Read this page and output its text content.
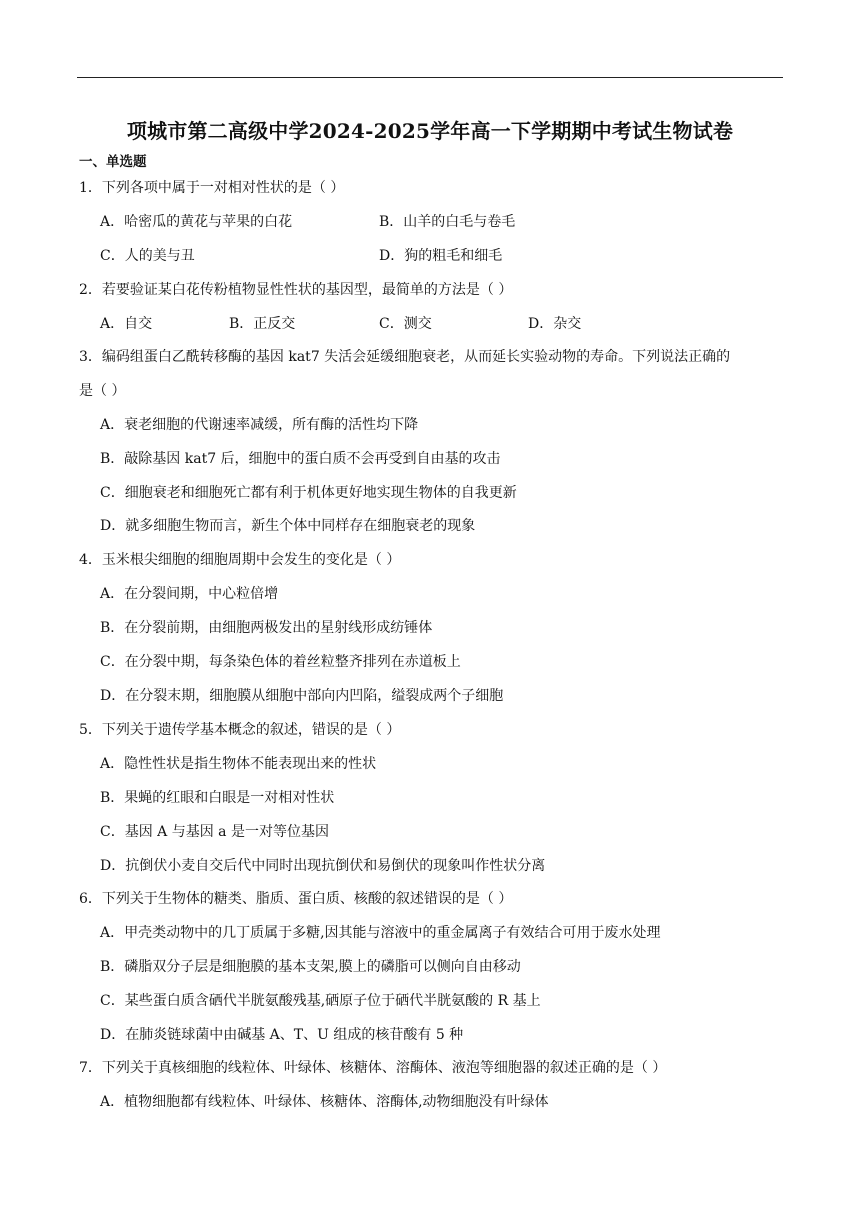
项城市第二高级中学2024-2025学年高一下学期期中考试生物试卷
一、单选题
1．下列各项中属于一对相对性状的是（ ）
A．哈密瓜的黄花与苹果的白花	B．山羊的白毛与卷毛
C．人的美与丑	D．狗的粗毛和细毛
2．若要验证某白花传粉植物显性性状的基因型，最简单的方法是（ ）
A．自交	B．正反交	C．测交	D．杂交
3．编码组蛋白乙酰转移酶的基因 kat7 失活会延缓细胞衰老，从而延长实验动物的寿命。下列说法正确的
是（ ）
A．衰老细胞的代谢速率减缓，所有酶的活性均下降
B．敲除基因 kat7 后，细胞中的蛋白质不会再受到自由基的攻击
C．细胞衰老和细胞死亡都有利于机体更好地实现生物体的自我更新
D．就多细胞生物而言，新生个体中同样存在细胞衰老的现象
4．玉米根尖细胞的细胞周期中会发生的变化是（ ）
A．在分裂间期，中心粒倍增
B．在分裂前期，由细胞两极发出的星射线形成纺锤体
C．在分裂中期，每条染色体的着丝粒整齐排列在赤道板上
D．在分裂末期，细胞膜从细胞中部向内凹陷，缢裂成两个子细胞
5．下列关于遗传学基本概念的叙述，错误的是（ ）
A．隐性性状是指生物体不能表现出来的性状
B．果蝇的红眼和白眼是一对相对性状
C．基因 A 与基因 a 是一对等位基因
D．抗倒伏小麦自交后代中同时出现抗倒伏和易倒伏的现象叫作性状分离
6．下列关于生物体的糖类、脂质、蛋白质、核酸的叙述错误的是（ ）
A．甲壳类动物中的几丁质属于多糖,因其能与溶液中的重金属离子有效结合可用于废水处理
B．磷脂双分子层是细胞膜的基本支架,膜上的磷脂可以侧向自由移动
C．某些蛋白质含硒代半胱氨酸残基,硒原子位于硒代半胱氨酸的 R 基上
D．在肺炎链球菌中由碱基 A、T、U 组成的核苷酸有 5 种
7．下列关于真核细胞的线粒体、叶绿体、核糖体、溶酶体、液泡等细胞器的叙述正确的是（ ）
A．植物细胞都有线粒体、叶绿体、核糖体、溶酶体,动物细胞没有叶绿体
